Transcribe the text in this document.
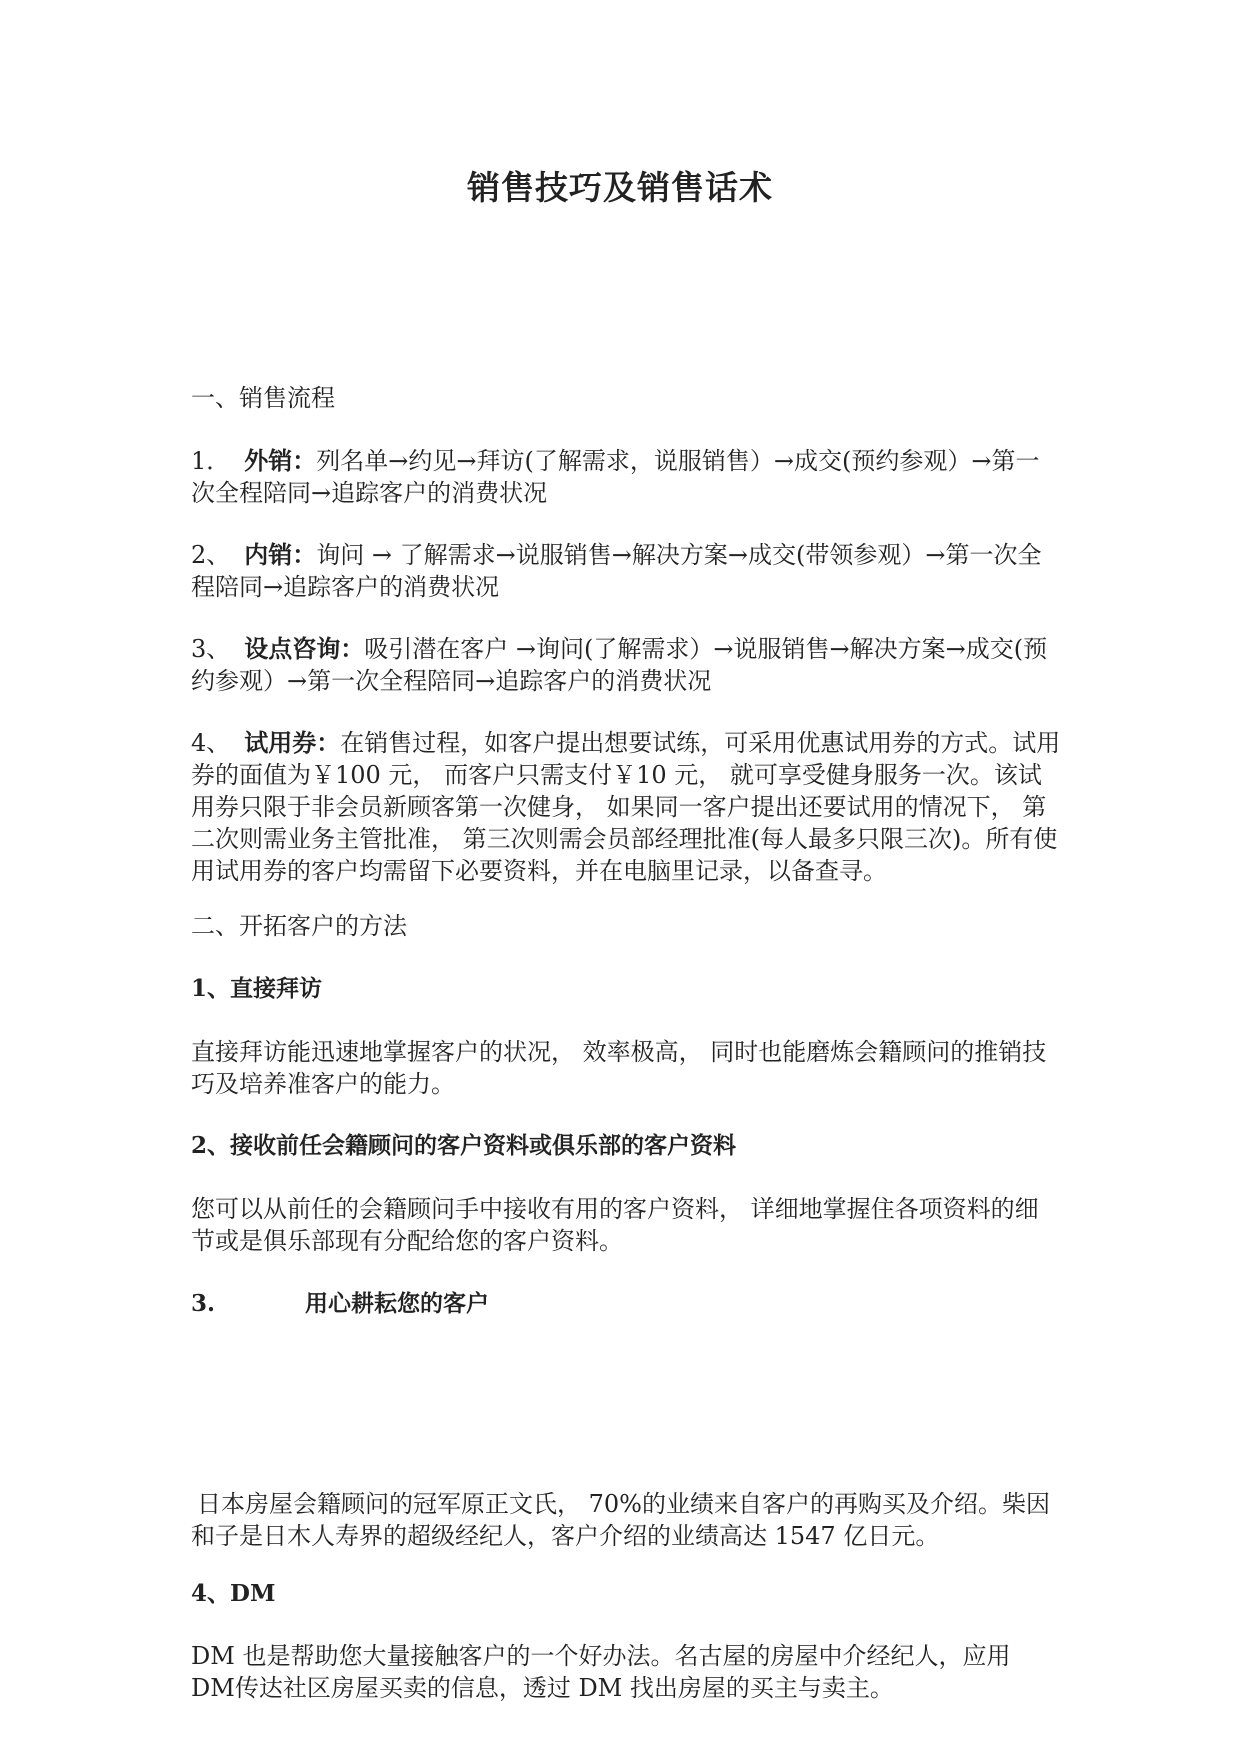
销售技巧及销售话术

一、销售流程

1． 外销：列名单→约见→拜访(了解需求，说服销售）→成交(预约参观）→第一次全程陪同→追踪客户的消费状况

2、 内销：询问 → 了解需求→说服销售→解决方案→成交(带领参观）→第一次全程陪同→追踪客户的消费状况

3、 设点咨询：吸引潜在客户 →询问(了解需求）→说服销售→解决方案→成交(预约参观）→第一次全程陪同→追踪客户的消费状况

4、 试用券：在销售过程，如客户提出想要试练，可采用优惠试用券的方式。试用券的面值为￥100 元， 而客户只需支付￥10 元， 就可享受健身服务一次。该试用券只限于非会员新顾客第一次健身， 如果同一客户提出还要试用的情况下， 第二次则需业务主管批准， 第三次则需会员部经理批准(每人最多只限三次)。所有使用试用券的客户均需留下必要资料，并在电脑里记录，以备查寻。

二、开拓客户的方法

1、直接拜访

直接拜访能迅速地掌握客户的状况， 效率极高， 同时也能磨炼会籍顾问的推销技巧及培养准客户的能力。

2、接收前任会籍顾问的客户资料或俱乐部的客户资料

您可以从前任的会籍顾问手中接收有用的客户资料， 详细地掌握住各项资料的细节或是俱乐部现有分配给您的客户资料。

3.	用心耕耘您的客户

日本房屋会籍顾问的冠军原正文氏， 70%的业绩来自客户的再购买及介绍。柴因和子是日木人寿界的超级经纪人，客户介绍的业绩高达 1547 亿日元。

4、DM

DM 也是帮助您大量接触客户的一个好办法。名古屋的房屋中介经纪人，应用 DM传达社区房屋买卖的信息，透过 DM 找出房屋的买主与卖主。
